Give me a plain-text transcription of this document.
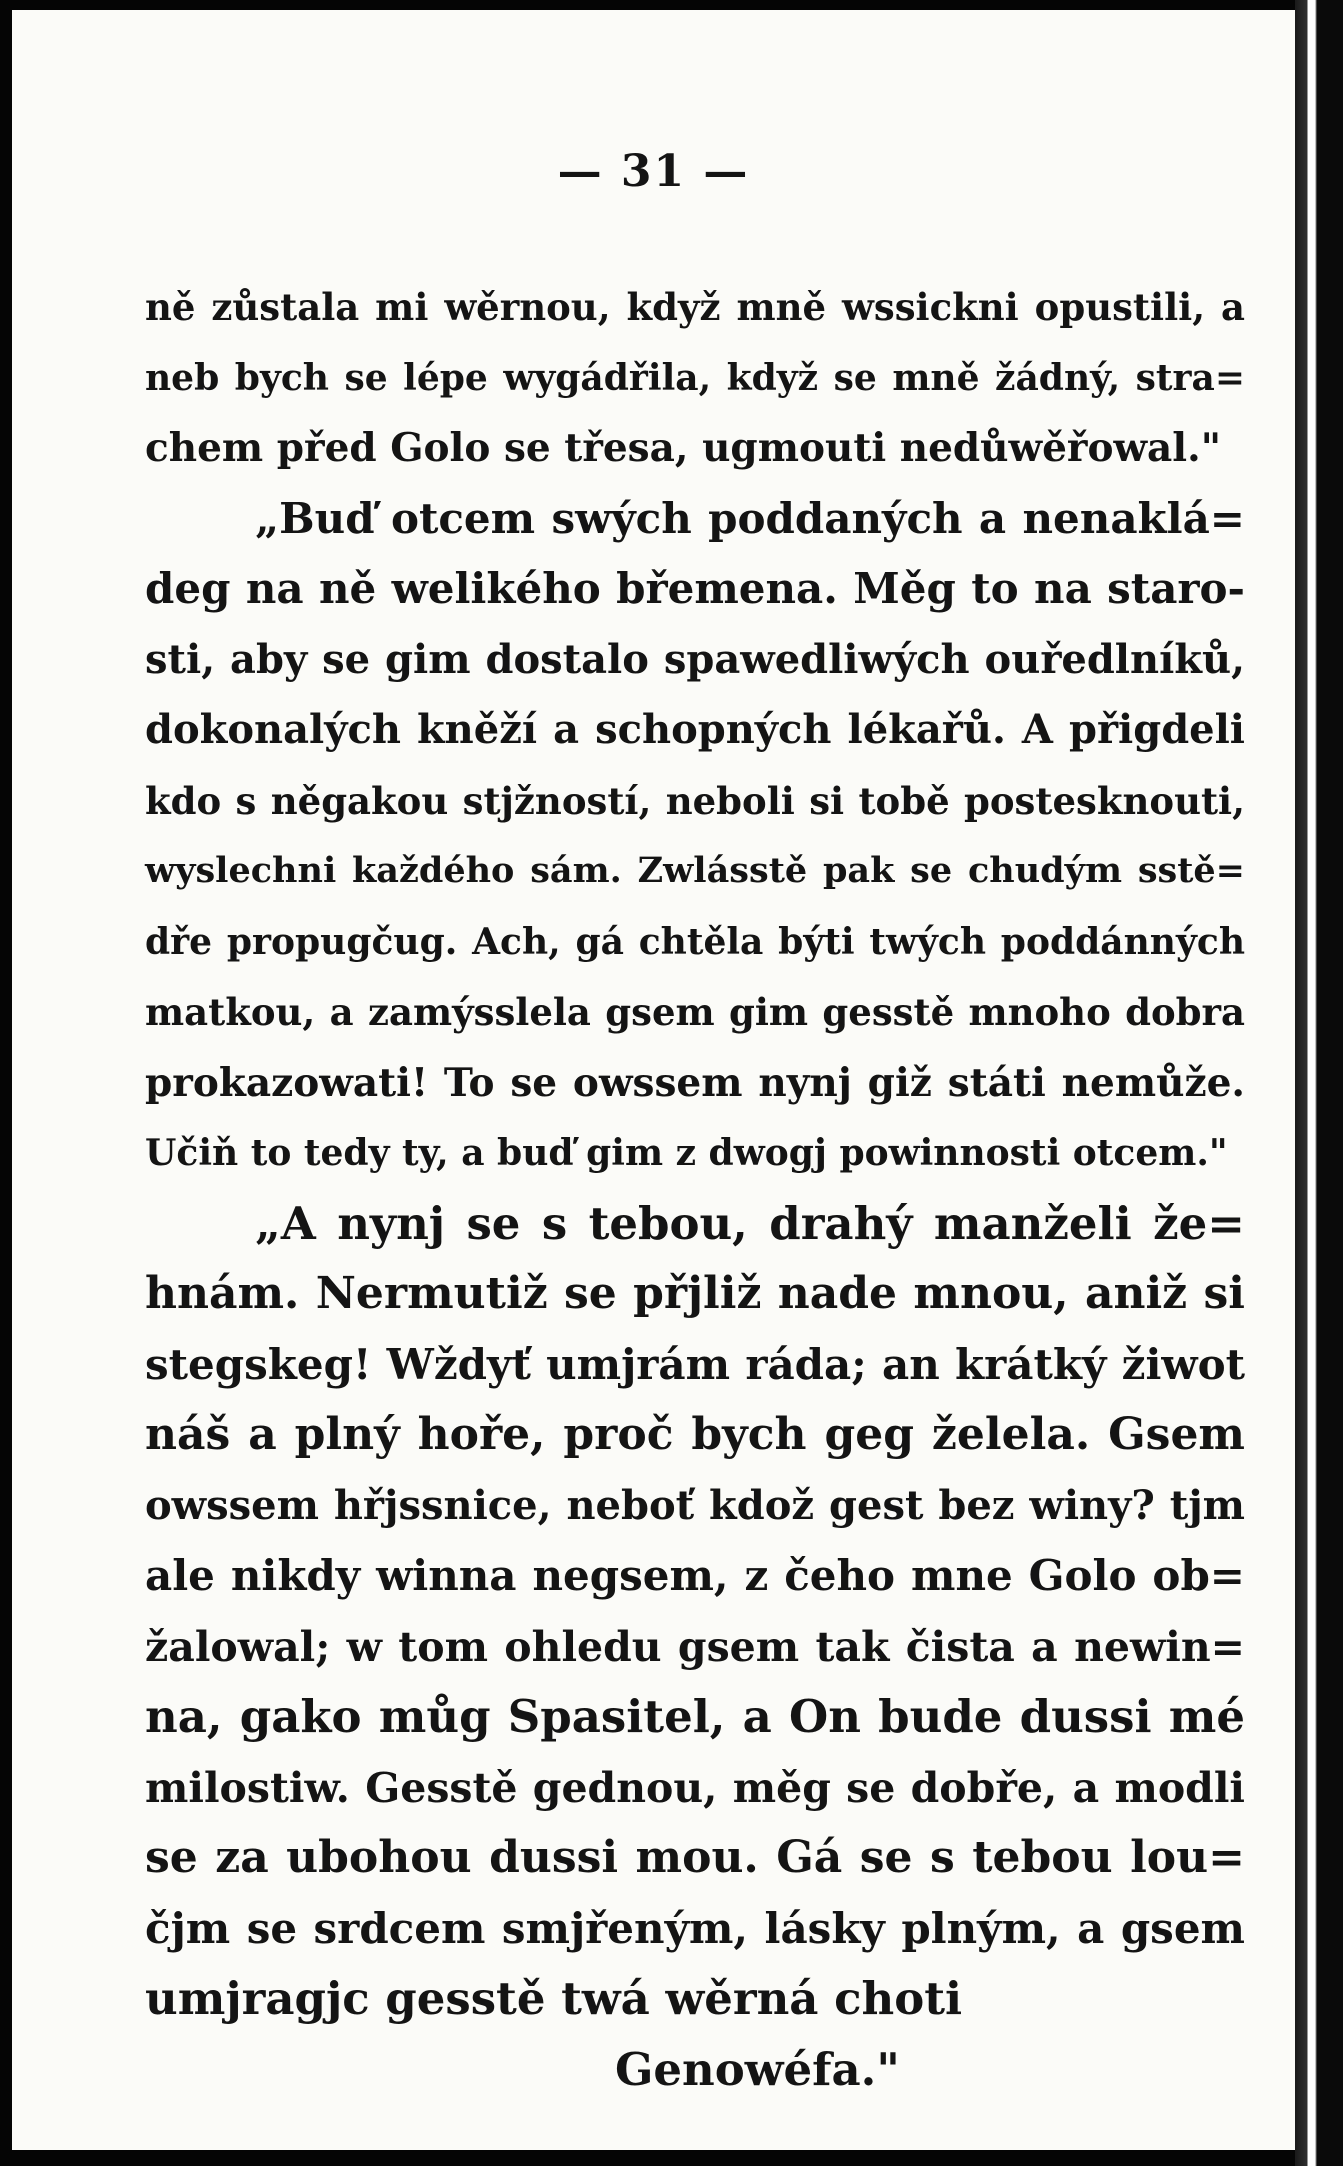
— 31 —
ně zůstala mi wěrnou, když mně wssickni opustili, a
neb bych se lépe wygádřila, když se mně žádný, stra=
chem před Golo se třesa, ugmouti nedůwěřowal."
„Buď otcem swých poddaných a nenaklá=
deg na ně welikého břemena. Měg to na staro-
sti, aby se gim dostalo spawedliwých ouředlníků,
dokonalých kněží a schopných lékařů. A přigdeli
kdo s něgakou stjžností, neboli si tobě postesknouti,
wyslechni každého sám. Zwlásstě pak se chudým sstě=
dře propugčug. Ach, gá chtěla býti twých poddánných
matkou, a zamýsslela gsem gim gesstě mnoho dobra
prokazowati! To se owssem nynj giž státi nemůže.
Učiň to tedy ty, a buď gim z dwogj powinnosti otcem."
„A nynj se s tebou, drahý manželi že=
hnám. Nermutiž se přjliž nade mnou, aniž si
stegskeg! Wždyť umjrám ráda; an krátký žiwot
náš a plný hoře, proč bych geg želela. Gsem
owssem hřjssnice, neboť kdož gest bez winy? tjm
ale nikdy winna negsem, z čeho mne Golo ob=
žalowal; w tom ohledu gsem tak čista a newin=
na, gako můg Spasitel, a On bude dussi mé
milostiw. Gesstě gednou, měg se dobře, a modli
se za ubohou dussi mou. Gá se s tebou lou=
čjm se srdcem smjřeným, lásky plným, a gsem
umjragjc gesstě twá wěrná choti
Genowéfa."
